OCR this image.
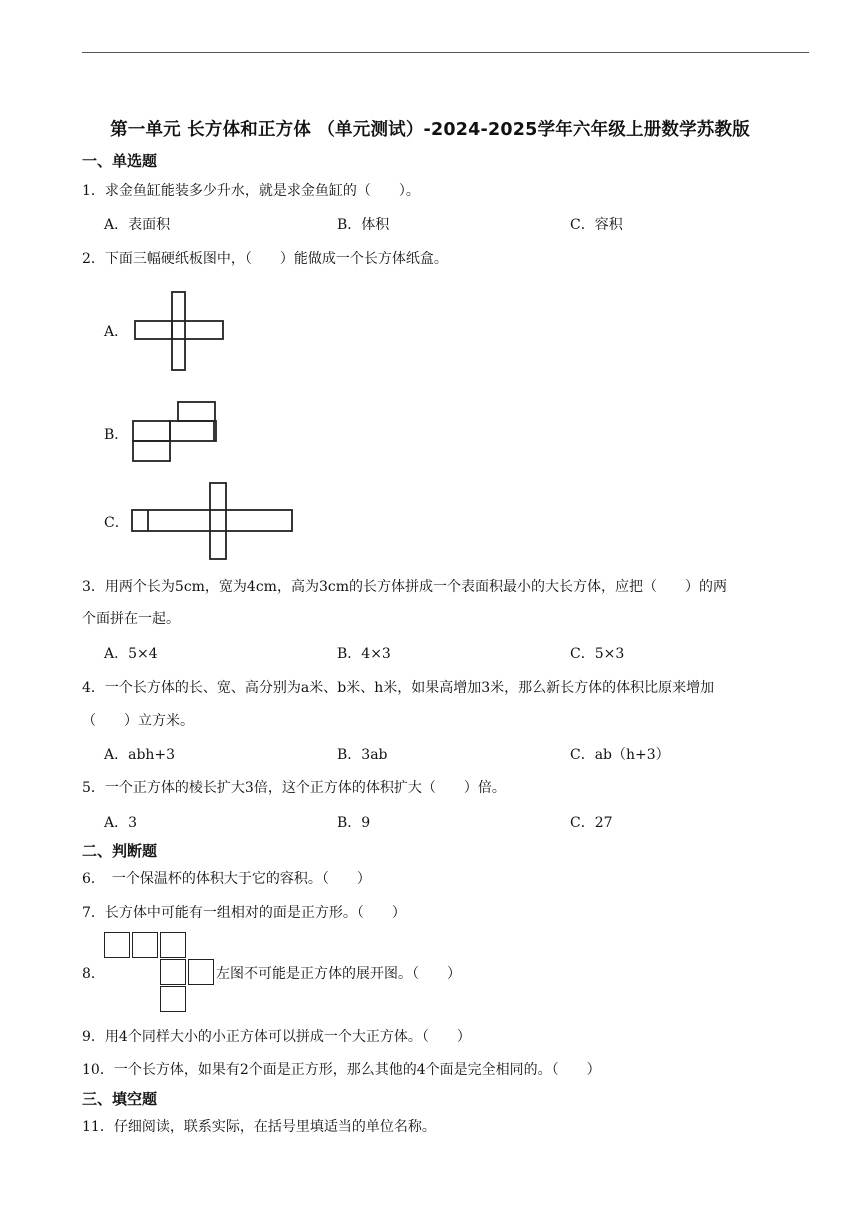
第一单元 长方体和正方体 （单元测试）-2024-2025学年六年级上册数学苏教版
一、单选题
1．求金鱼缸能装多少升水，就是求金鱼缸的（　　）。
A．表面积	B．体积	C．容积
2．下面三幅硬纸板图中，（　　）能做成一个长方体纸盒。
A．
B．
C．
3．用两个长为5cm，宽为4cm，高为3cm的长方体拼成一个表面积最小的大长方体，应把（　　）的两
个面拼在一起。
A．5×4	B．4×3	C．5×3
4．一个长方体的长、宽、高分别为a米、b米、h米，如果高增加3米，那么新长方体的体积比原来增加
（　　）立方米。
A．abh+3	B．3ab	C．ab（h+3）
5．一个正方体的棱长扩大3倍，这个正方体的体积扩大（　　）倍。
A．3	B．9	C．27
二、判断题
6．　一个保温杯的体积大于它的容积。（　　）
7．长方体中可能有一组相对的面是正方形。（　　）
8．	左图不可能是正方体的展开图。（　　）
9．用4个同样大小的小正方体可以拼成一个大正方体。（　　）
10．一个长方体，如果有2个面是正方形，那么其他的4个面是完全相同的。（　　）
三、填空题
11．仔细阅读，联系实际，在括号里填适当的单位名称。
